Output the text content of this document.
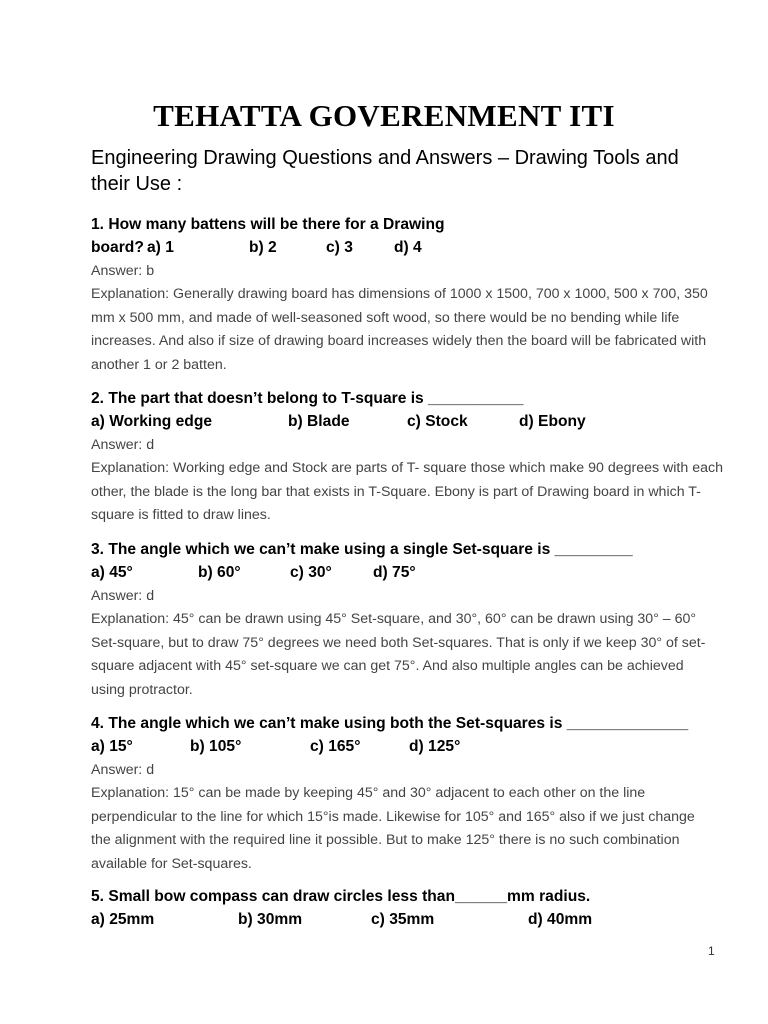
TEHATTA GOVERENMENT ITI
Engineering Drawing Questions and Answers – Drawing Tools and their Use :
1. How many battens will be there for a Drawing
board? a) 1	b) 2	c) 3	d) 4
Answer: b
Explanation: Generally drawing board has dimensions of 1000 x 1500, 700 x 1000, 500 x 700, 350 mm x 500 mm, and made of well-seasoned soft wood, so there would be no bending while life increases. And also if size of drawing board increases widely then the board will be fabricated with another 1 or 2 batten.
2. The part that doesn’t belong to T-square is ___________
a) Working edge	b) Blade	c) Stock	d) Ebony
Answer: d
Explanation: Working edge and Stock are parts of T- square those which make 90 degrees with each other, the blade is the long bar that exists in T-Square. Ebony is part of Drawing board in which T-square is fitted to draw lines.
3. The angle which we can’t make using a single Set-square is _________
a) 45°	b) 60°	c) 30°	d) 75°
Answer: d
Explanation: 45° can be drawn using 45° Set-square, and 30°, 60° can be drawn using 30° – 60° Set-square, but to draw 75° degrees we need both Set-squares. That is only if we keep 30° of set-square adjacent with 45° set-square we can get 75°. And also multiple angles can be achieved using protractor.
4. The angle which we can’t make using both the Set-squares is ______________
a) 15°	b) 105°	c) 165°	d) 125°
Answer: d
Explanation: 15° can be made by keeping 45° and 30° adjacent to each other on the line perpendicular to the line for which 15°is made. Likewise for 105° and 165° also if we just change the alignment with the required line it possible. But to make 125° there is no such combination available for Set-squares.
5. Small bow compass can draw circles less than______mm radius.
a) 25mm	b) 30mm	c) 35mm	d) 40mm
1
